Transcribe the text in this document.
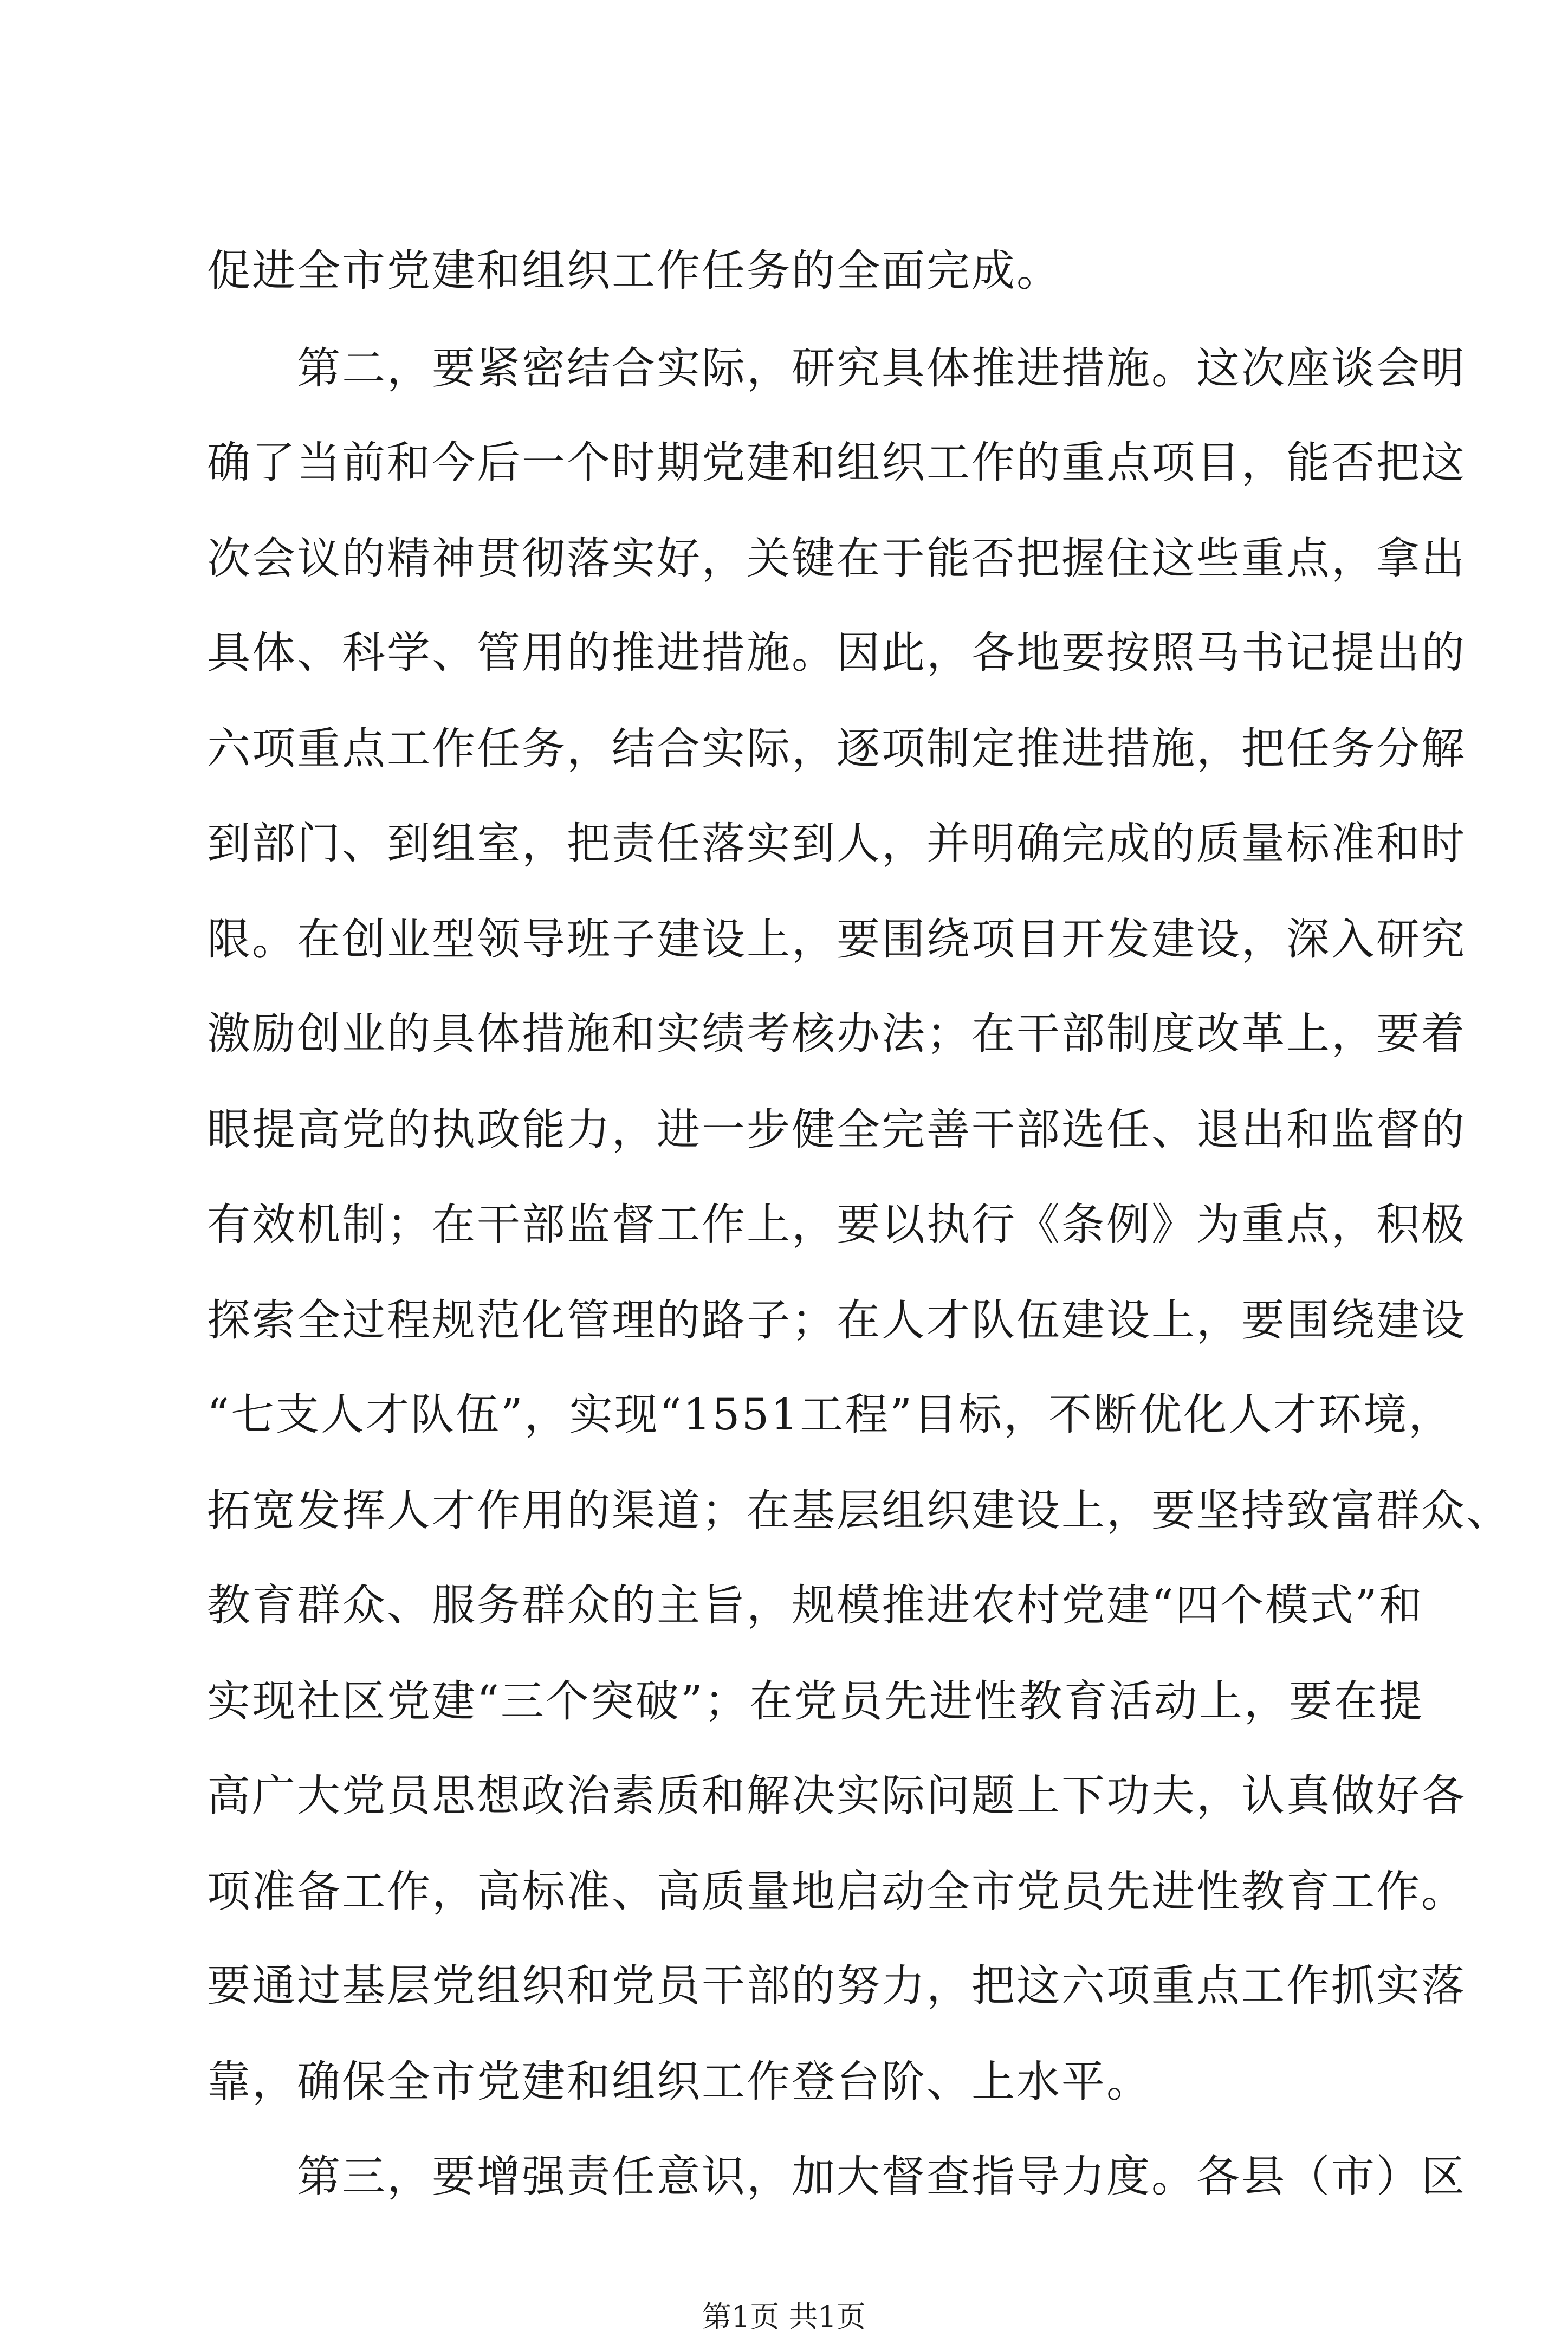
促进全市党建和组织工作任务的全面完成。
　　第二，要紧密结合实际，研究具体推进措施。这次座谈会明
确了当前和今后一个时期党建和组织工作的重点项目，能否把这
次会议的精神贯彻落实好，关键在于能否把握住这些重点，拿出
具体、科学、管用的推进措施。因此，各地要按照马书记提出的
六项重点工作任务，结合实际，逐项制定推进措施，把任务分解
到部门、到组室，把责任落实到人，并明确完成的质量标准和时
限。在创业型领导班子建设上，要围绕项目开发建设，深入研究
激励创业的具体措施和实绩考核办法；在干部制度改革上，要着
眼提高党的执政能力，进一步健全完善干部选任、退出和监督的
有效机制；在干部监督工作上，要以执行《条例》为重点，积极
探索全过程规范化管理的路子；在人才队伍建设上，要围绕建设
“七支人才队伍”，实现“1551工程”目标，不断优化人才环境，
拓宽发挥人才作用的渠道；在基层组织建设上，要坚持致富群众、
教育群众、服务群众的主旨，规模推进农村党建“四个模式”和
实现社区党建“三个突破”；在党员先进性教育活动上，要在提
高广大党员思想政治素质和解决实际问题上下功夫，认真做好各
项准备工作，高标准、高质量地启动全市党员先进性教育工作。
要通过基层党组织和党员干部的努力，把这六项重点工作抓实落
靠，确保全市党建和组织工作登台阶、上水平。
　　第三，要增强责任意识，加大督查指导力度。各县（市）区
第1页 共1页
